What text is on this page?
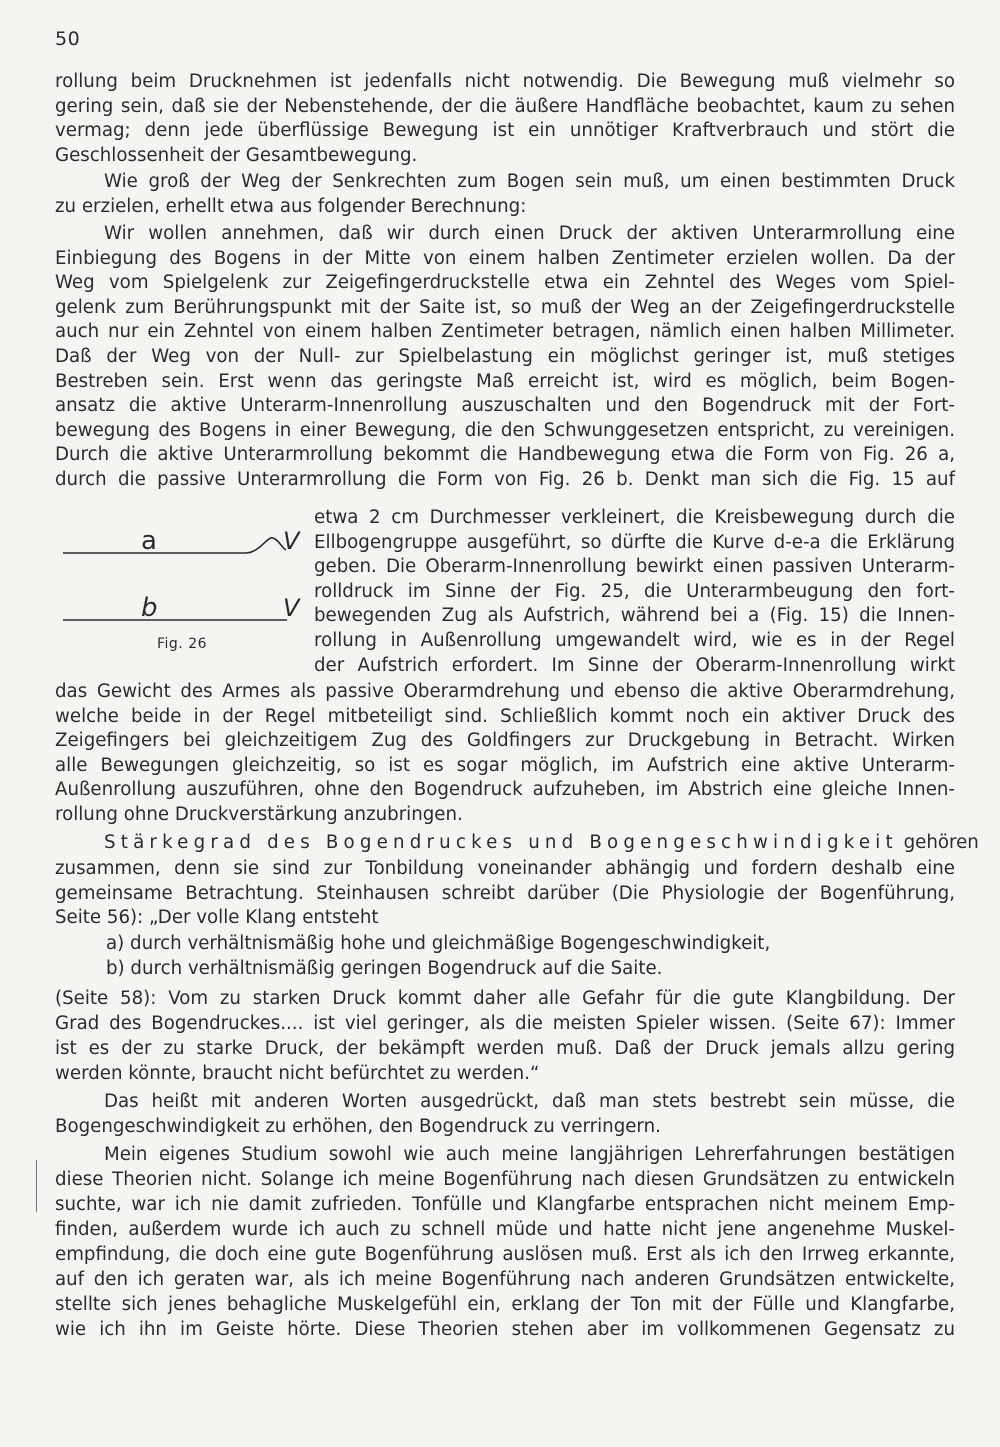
50
rollung beim Drucknehmen ist jedenfalls nicht notwendig. Die Bewegung muß vielmehr so
gering sein, daß sie der Nebenstehende, der die äußere Handfläche beobachtet, kaum zu sehen
vermag; denn jede überflüssige Bewegung ist ein unnötiger Kraftverbrauch und stört die
Geschlossenheit der Gesamtbewegung.
Wie groß der Weg der Senkrechten zum Bogen sein muß, um einen bestimmten Druck
zu erzielen, erhellt etwa aus folgender Berechnung:
Wir wollen annehmen, daß wir durch einen Druck der aktiven Unterarmrollung eine
Einbiegung des Bogens in der Mitte von einem halben Zentimeter erzielen wollen. Da der
Weg vom Spielgelenk zur Zeigefingerdruckstelle etwa ein Zehntel des Weges vom Spiel-
gelenk zum Berührungspunkt mit der Saite ist, so muß der Weg an der Zeigefingerdruckstelle
auch nur ein Zehntel von einem halben Zentimeter betragen, nämlich einen halben Millimeter.
Daß der Weg von der Null- zur Spielbelastung ein möglichst geringer ist, muß stetiges
Bestreben sein. Erst wenn das geringste Maß erreicht ist, wird es möglich, beim Bogen-
ansatz die aktive Unterarm-Innenrollung auszuschalten und den Bogendruck mit der Fort-
bewegung des Bogens in einer Bewegung, die den Schwunggesetzen entspricht, zu vereinigen.
Durch die aktive Unterarmrollung bekommt die Handbewegung etwa die Form von Fig. 26 a,
durch die passive Unterarmrollung die Form von Fig. 26 b. Denkt man sich die Fig. 15 auf
a	V
b	V
Fig. 26
etwa 2 cm Durchmesser verkleinert, die Kreisbewegung durch die
Ellbogengruppe ausgeführt, so dürfte die Kurve d-e-a die Erklärung
geben. Die Oberarm-Innenrollung bewirkt einen passiven Unterarm-
rolldruck im Sinne der Fig. 25, die Unterarmbeugung den fort-
bewegenden Zug als Aufstrich, während bei a (Fig. 15) die Innen-
rollung in Außenrollung umgewandelt wird, wie es in der Regel
der Aufstrich erfordert. Im Sinne der Oberarm-Innenrollung wirkt
das Gewicht des Armes als passive Oberarmdrehung und ebenso die aktive Oberarmdrehung,
welche beide in der Regel mitbeteiligt sind. Schließlich kommt noch ein aktiver Druck des
Zeigefingers bei gleichzeitigem Zug des Goldfingers zur Druckgebung in Betracht. Wirken
alle Bewegungen gleichzeitig, so ist es sogar möglich, im Aufstrich eine aktive Unterarm-
Außenrollung auszuführen, ohne den Bogendruck aufzuheben, im Abstrich eine gleiche Innen-
rollung ohne Druckverstärkung anzubringen.
Stärkegrad des Bogendruckes und Bogengeschwindigkeit gehören
zusammen, denn sie sind zur Tonbildung voneinander abhängig und fordern deshalb eine
gemeinsame Betrachtung. Steinhausen schreibt darüber (Die Physiologie der Bogenführung,
Seite 56): „Der volle Klang entsteht
a) durch verhältnismäßig hohe und gleichmäßige Bogengeschwindigkeit,
b) durch verhältnismäßig geringen Bogendruck auf die Saite.
(Seite 58): Vom zu starken Druck kommt daher alle Gefahr für die gute Klangbildung. Der
Grad des Bogendruckes.... ist viel geringer, als die meisten Spieler wissen. (Seite 67): Immer
ist es der zu starke Druck, der bekämpft werden muß. Daß der Druck jemals allzu gering
werden könnte, braucht nicht befürchtet zu werden.“
Das heißt mit anderen Worten ausgedrückt, daß man stets bestrebt sein müsse, die
Bogengeschwindigkeit zu erhöhen, den Bogendruck zu verringern.
Mein eigenes Studium sowohl wie auch meine langjährigen Lehrerfahrungen bestätigen
diese Theorien nicht. Solange ich meine Bogenführung nach diesen Grundsätzen zu entwickeln
suchte, war ich nie damit zufrieden. Tonfülle und Klangfarbe entsprachen nicht meinem Emp-
finden, außerdem wurde ich auch zu schnell müde und hatte nicht jene angenehme Muskel-
empfindung, die doch eine gute Bogenführung auslösen muß. Erst als ich den Irrweg erkannte,
auf den ich geraten war, als ich meine Bogenführung nach anderen Grundsätzen entwickelte,
stellte sich jenes behagliche Muskelgefühl ein, erklang der Ton mit der Fülle und Klangfarbe,
wie ich ihn im Geiste hörte. Diese Theorien stehen aber im vollkommenen Gegensatz zu
